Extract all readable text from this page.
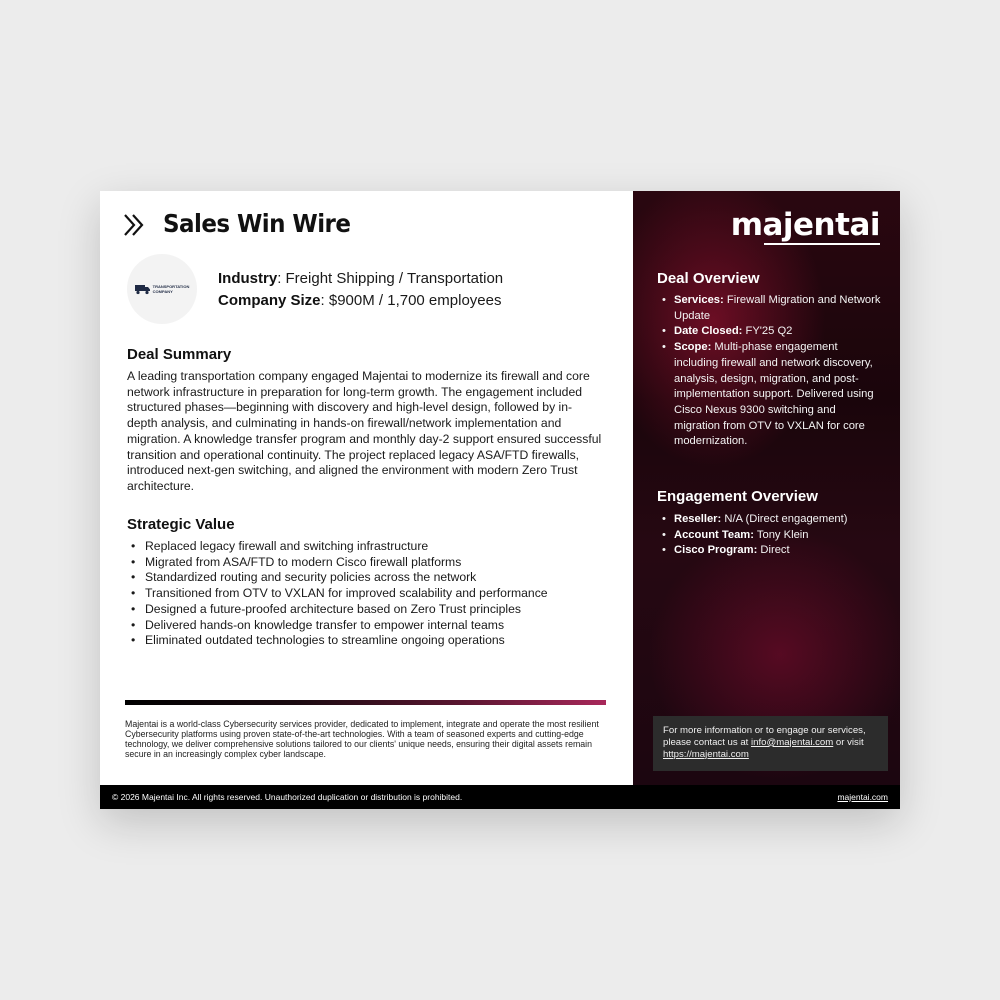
Sales Win Wire
TRANSPORTATION
COMPANY
Industry: Freight Shipping / Transportation
Company Size: $900M / 1,700 employees
Deal Summary
A leading transportation company engaged Majentai to modernize its firewall and core network infrastructure in preparation for long-term growth. The engagement included structured phases—beginning with discovery and high-level design, followed by in-depth analysis, and culminating in hands-on firewall/network implementation and migration. A knowledge transfer program and monthly day-2 support ensured successful transition and operational continuity. The project replaced legacy ASA/FTD firewalls, introduced next-gen switching, and aligned the environment with modern Zero Trust architecture.
Strategic Value
• Replaced legacy firewall and switching infrastructure
• Migrated from ASA/FTD to modern Cisco firewall platforms
• Standardized routing and security policies across the network
• Transitioned from OTV to VXLAN for improved scalability and performance
• Designed a future-proofed architecture based on Zero Trust principles
• Delivered hands-on knowledge transfer to empower internal teams
• Eliminated outdated technologies to streamline ongoing operations
Majentai is a world-class Cybersecurity services provider, dedicated to implement, integrate and operate the most resilient Cybersecurity platforms using proven state-of-the-art technologies. With a team of seasoned experts and cutting-edge technology, we deliver comprehensive solutions tailored to our clients' unique needs, ensuring their digital assets remain secure in an increasingly complex cyber landscape.
majentai
Deal Overview
• Services: Firewall Migration and Network Update
• Date Closed: FY'25 Q2
• Scope: Multi-phase engagement including firewall and network discovery, analysis, design, migration, and post-implementation support. Delivered using Cisco Nexus 9300 switching and migration from OTV to VXLAN for core modernization.
Engagement Overview
• Reseller: N/A (Direct engagement)
• Account Team: Tony Klein
• Cisco Program: Direct
For more information or to engage our services, please contact us at info@majentai.com or visit https://majentai.com
© 2026 Majentai Inc. All rights reserved. Unauthorized duplication or distribution is prohibited.	majentai.com
